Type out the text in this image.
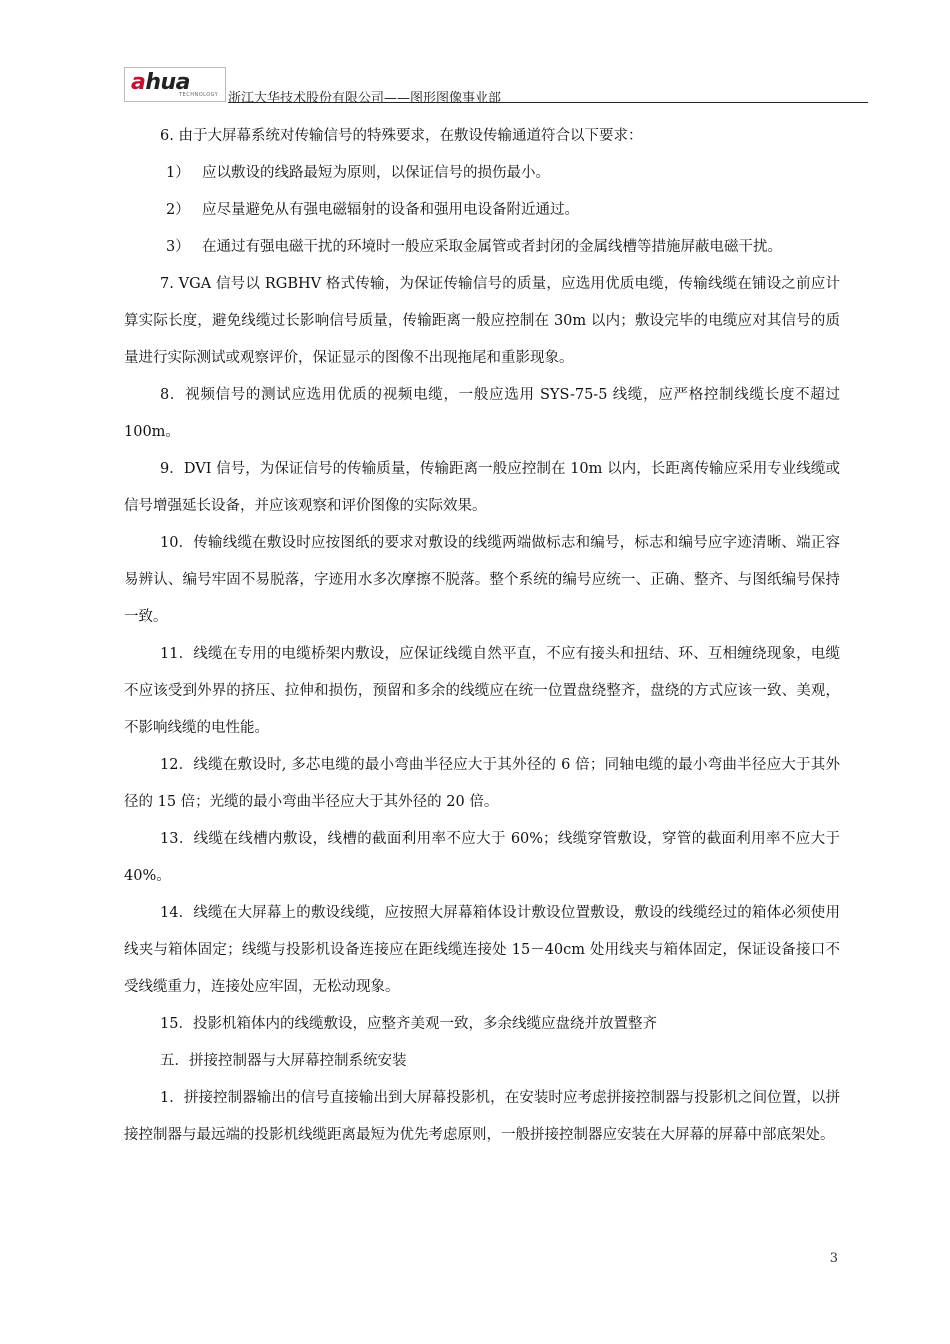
ahua
TECHNOLOGY 浙江大华技术股份有限公司——图形图像事业部

6. 由于大屏幕系统对传输信号的特殊要求，在敷设传输通道符合以下要求：

1） 应以敷设的线路最短为原则，以保证信号的损伤最小。

2） 应尽量避免从有强电磁辐射的设备和强用电设备附近通过。

3） 在通过有强电磁干扰的环境时一般应采取金属管或者封闭的金属线槽等措施屏蔽电磁干扰。

7. VGA 信号以 RGBHV 格式传输，为保证传输信号的质量，应选用优质电缆，传输线缆在铺设之前应计算实际长度，避免线缆过长影响信号质量，传输距离一般应控制在 30m 以内；敷设完毕的电缆应对其信号的质量进行实际测试或观察评价，保证显示的图像不出现拖尾和重影现象。

8．视频信号的测试应选用优质的视频电缆，一般应选用 SYS-75-5 线缆，应严格控制线缆长度不超过 100m。

9．DVI 信号，为保证信号的传输质量，传输距离一般应控制在 10m 以内，长距离传输应采用专业线缆或信号增强延长设备，并应该观察和评价图像的实际效果。

10．传输线缆在敷设时应按图纸的要求对敷设的线缆两端做标志和编号，标志和编号应字迹清晰、端正容易辨认、编号牢固不易脱落，字迹用水多次摩擦不脱落。整个系统的编号应统一、正确、整齐、与图纸编号保持一致。

11．线缆在专用的电缆桥架内敷设，应保证线缆自然平直，不应有接头和扭结、环、互相缠绕现象，电缆不应该受到外界的挤压、拉伸和损伤，预留和多余的线缆应在统一位置盘绕整齐，盘绕的方式应该一致、美观，不影响线缆的电性能。

12．线缆在敷设时, 多芯电缆的最小弯曲半径应大于其外径的 6 倍；同轴电缆的最小弯曲半径应大于其外径的 15 倍；光缆的最小弯曲半径应大于其外径的 20 倍。

13．线缆在线槽内敷设，线槽的截面利用率不应大于 60%；线缆穿管敷设，穿管的截面利用率不应大于 40%。

14．线缆在大屏幕上的敷设线缆，应按照大屏幕箱体设计敷设位置敷设，敷设的线缆经过的箱体必须使用线夹与箱体固定；线缆与投影机设备连接应在距线缆连接处 15－40cm 处用线夹与箱体固定，保证设备接口不受线缆重力，连接处应牢固，无松动现象。

15．投影机箱体内的线缆敷设，应整齐美观一致，多余线缆应盘绕并放置整齐

五．拼接控制器与大屏幕控制系统安装

1．拼接控制器输出的信号直接输出到大屏幕投影机，在安装时应考虑拼接控制器与投影机之间位置，以拼接控制器与最远端的投影机线缆距离最短为优先考虑原则，一般拼接控制器应安装在大屏幕的屏幕中部底架处。

3
